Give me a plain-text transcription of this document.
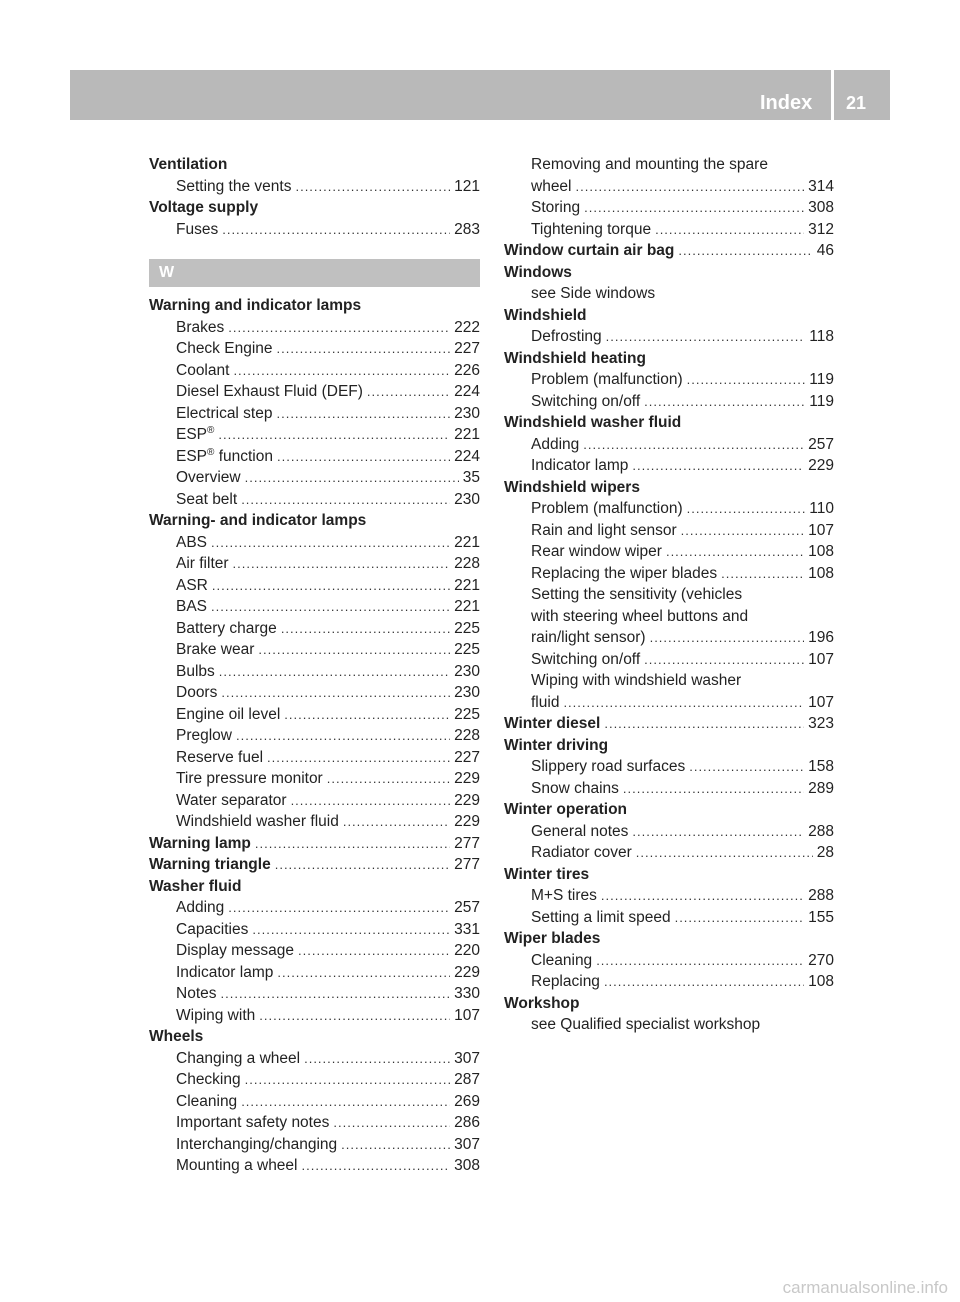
Index 21
Ventilation
Setting the vents .....	121
Voltage supply
Fuses .....	283
W
Warning and indicator lamps
Brakes .....	222
Check Engine .....	227
Coolant .....	226
Diesel Exhaust Fluid (DEF) .....	224
Electrical step .....	230
ESP® .....	221
ESP® function .....	224
Overview .....	35
Seat belt .....	230
Warning- and indicator lamps
ABS .....	221
Air filter .....	228
ASR .....	221
BAS .....	221
Battery charge .....	225
Brake wear .....	225
Bulbs .....	230
Doors .....	230
Engine oil level .....	225
Preglow .....	228
Reserve fuel .....	227
Tire pressure monitor .....	229
Water separator .....	229
Windshield washer fluid .....	229
Warning lamp .....	277
Warning triangle .....	277
Washer fluid
Adding .....	257
Capacities .....	331
Display message .....	220
Indicator lamp .....	229
Notes .....	330
Wiping with .....	107
Wheels
Changing a wheel .....	307
Checking .....	287
Cleaning .....	269
Important safety notes .....	286
Interchanging/changing .....	307
Mounting a wheel .....	308
Removing and mounting the spare
wheel .....	314
Storing .....	308
Tightening torque .....	312
Window curtain air bag .....	46
Windows
see Side windows
Windshield
Defrosting .....	118
Windshield heating
Problem (malfunction) .....	119
Switching on/off .....	119
Windshield washer fluid
Adding .....	257
Indicator lamp .....	229
Windshield wipers
Problem (malfunction) .....	110
Rain and light sensor .....	107
Rear window wiper .....	108
Replacing the wiper blades .....	108
Setting the sensitivity (vehicles
with steering wheel buttons and
rain/light sensor) .....	196
Switching on/off .....	107
Wiping with windshield washer
fluid .....	107
Winter diesel .....	323
Winter driving
Slippery road surfaces .....	158
Snow chains .....	289
Winter operation
General notes .....	288
Radiator cover .....	28
Winter tires
M+S tires .....	288
Setting a limit speed .....	155
Wiper blades
Cleaning .....	270
Replacing .....	108
Workshop
see Qualified specialist workshop
carmanualsonline.info
